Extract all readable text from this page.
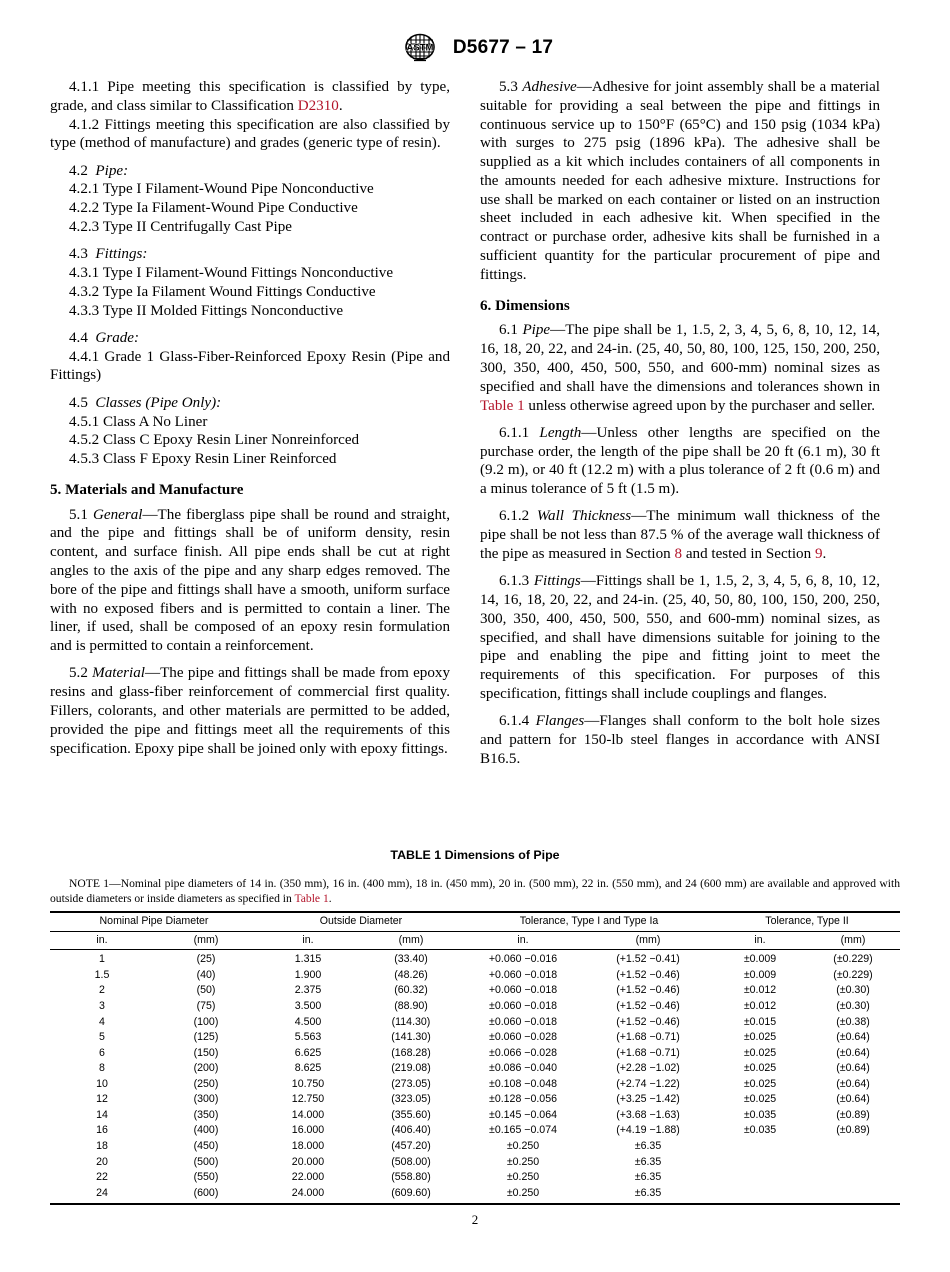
ASTM D5677 – 17

4.1.1 Pipe meeting this specification is classified by type, grade, and class similar to Classification D2310.

4.1.2 Fittings meeting this specification are also classified by type (method of manufacture) and grades (generic type of resin).

4.2 Pipe:

4.2.1 Type I Filament-Wound Pipe Nonconductive

4.2.2 Type Ia Filament-Wound Pipe Conductive

4.2.3 Type II Centrifugally Cast Pipe

4.3 Fittings:

4.3.1 Type I Filament-Wound Fittings Nonconductive

4.3.2 Type Ia Filament Wound Fittings Conductive

4.3.3 Type II Molded Fittings Nonconductive

4.4 Grade:

4.4.1 Grade 1 Glass-Fiber-Reinforced Epoxy Resin (Pipe and Fittings)

4.5 Classes (Pipe Only):

4.5.1 Class A No Liner

4.5.2 Class C Epoxy Resin Liner Nonreinforced

4.5.3 Class F Epoxy Resin Liner Reinforced

5. Materials and Manufacture

5.1 General—The fiberglass pipe shall be round and straight, and the pipe and fittings shall be of uniform density, resin content, and surface finish. All pipe ends shall be cut at right angles to the axis of the pipe and any sharp edges removed. The bore of the pipe and fittings shall have a smooth, uniform surface with no exposed fibers and is permitted to contain a liner. The liner, if used, shall be composed of an epoxy resin formulation and is permitted to contain a reinforcement.

5.2 Material—The pipe and fittings shall be made from epoxy resins and glass-fiber reinforcement of commercial first quality. Fillers, colorants, and other materials are permitted to be added, provided the pipe and fittings meet all the requirements of this specification. Epoxy pipe shall be joined only with epoxy fittings.

5.3 Adhesive—Adhesive for joint assembly shall be a material suitable for providing a seal between the pipe and fittings in continuous service up to 150°F (65°C) and 150 psig (1034 kPa) with surges to 275 psig (1896 kPa). The adhesive shall be supplied as a kit which includes containers of all components in the amounts needed for each adhesive mixture. Instructions for use shall be marked on each container or listed on an instruction sheet included in each adhesive kit. When specified in the contract or purchase order, adhesive kits shall be furnished in a sufficient quantity for the particular procurement of pipe and fittings.

6. Dimensions

6.1 Pipe—The pipe shall be 1, 1.5, 2, 3, 4, 5, 6, 8, 10, 12, 14, 16, 18, 20, 22, and 24-in. (25, 40, 50, 80, 100, 125, 150, 200, 250, 300, 350, 400, 450, 500, 550, and 600-mm) nominal sizes as specified and shall have the dimensions and tolerances shown in Table 1 unless otherwise agreed upon by the purchaser and seller.

6.1.1 Length—Unless other lengths are specified on the purchase order, the length of the pipe shall be 20 ft (6.1 m), 30 ft (9.2 m), or 40 ft (12.2 m) with a plus tolerance of 2 ft (0.6 m) and a minus tolerance of 5 ft (1.5 m).

6.1.2 Wall Thickness—The minimum wall thickness of the pipe shall be not less than 87.5 % of the average wall thickness of the pipe as measured in Section 8 and tested in Section 9.

6.1.3 Fittings—Fittings shall be 1, 1.5, 2, 3, 4, 5, 6, 8, 10, 12, 14, 16, 18, 20, 22, and 24-in. (25, 40, 50, 80, 100, 150, 200, 250, 300, 350, 400, 450, 500, 550, and 600-mm) nominal sizes, as specified, and shall have dimensions suitable for joining to the pipe and enabling the pipe and fitting joint to meet the requirements of this specification. For purposes of this specification, fittings shall include couplings and flanges.

6.1.4 Flanges—Flanges shall conform to the bolt hole sizes and pattern for 150-lb steel flanges in accordance with ANSI B16.5.

TABLE 1 Dimensions of Pipe
NOTE 1—Nominal pipe diameters of 14 in. (350 mm), 16 in. (400 mm), 18 in. (450 mm), 20 in. (500 mm), 22 in. (550 mm), and 24 (600 mm) are available and approved with outside diameters or inside diameters as specified in Table 1.
Nominal Pipe Diameter		Outside Diameter		Tolerance, Type I and Type Ia		Tolerance, Type II	
in.	(mm)	in.	(mm)	in.	(mm)	in.	(mm)
1	(25)	1.315	(33.40)	+0.060 −0.016	(+1.52 −0.41)	±0.009	(±0.229)
1.5	(40)	1.900	(48.26)	+0.060 −0.018	(+1.52 −0.46)	±0.009	(±0.229)
2	(50)	2.375	(60.32)	+0.060 −0.018	(+1.52 −0.46)	±0.012	(±0.30)
3	(75)	3.500	(88.90)	±0.060 −0.018	(+1.52 −0.46)	±0.012	(±0.30)
4	(100)	4.500	(114.30)	±0.060 −0.018	(+1.52 −0.46)	±0.015	(±0.38)
5	(125)	5.563	(141.30)	±0.060 −0.028	(+1.68 −0.71)	±0.025	(±0.64)
6	(150)	6.625	(168.28)	±0.066 −0.028	(+1.68 −0.71)	±0.025	(±0.64)
8	(200)	8.625	(219.08)	±0.086 −0.040	(+2.28 −1.02)	±0.025	(±0.64)
10	(250)	10.750	(273.05)	±0.108 −0.048	(+2.74 −1.22)	±0.025	(±0.64)
12	(300)	12.750	(323.05)	±0.128 −0.056	(+3.25 −1.42)	±0.025	(±0.64)
14	(350)	14.000	(355.60)	±0.145 −0.064	(+3.68 −1.63)	±0.035	(±0.89)
16	(400)	16.000	(406.40)	±0.165 −0.074	(+4.19 −1.88)	±0.035	(±0.89)
18	(450)	18.000	(457.20)	±0.250	±6.35		
20	(500)	20.000	(508.00)	±0.250	±6.35		
22	(550)	22.000	(558.80)	±0.250	±6.35		
24	(600)	24.000	(609.60)	±0.250	±6.35		
2
